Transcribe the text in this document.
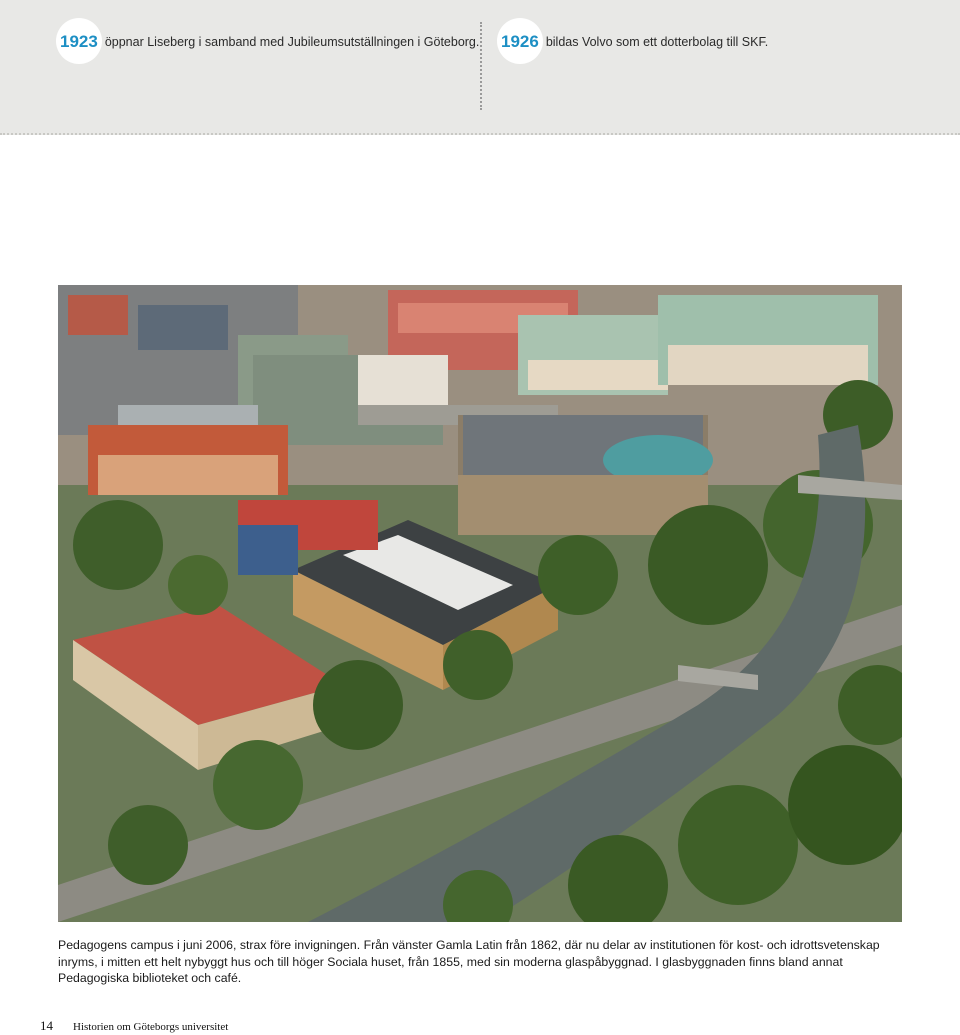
1923 öppnar Liseberg i samband med Jubileumsutställningen i Göteborg. 1926 bildas Volvo som ett dotterbolag till SKF.
Pedagogens campus i juni 2006, strax före invigningen. Från vänster Gamla Latin från 1862, där nu delar av institutionen för kost- och idrottsvetenskap inryms, i mitten ett helt nybyggt hus och till höger Sociala huset, från 1855, med sin moderna glaspåbyggnad. I glasbyggnaden finns bland annat Pedagogiska biblioteket och café.
14 Historien om Göteborgs universitet
